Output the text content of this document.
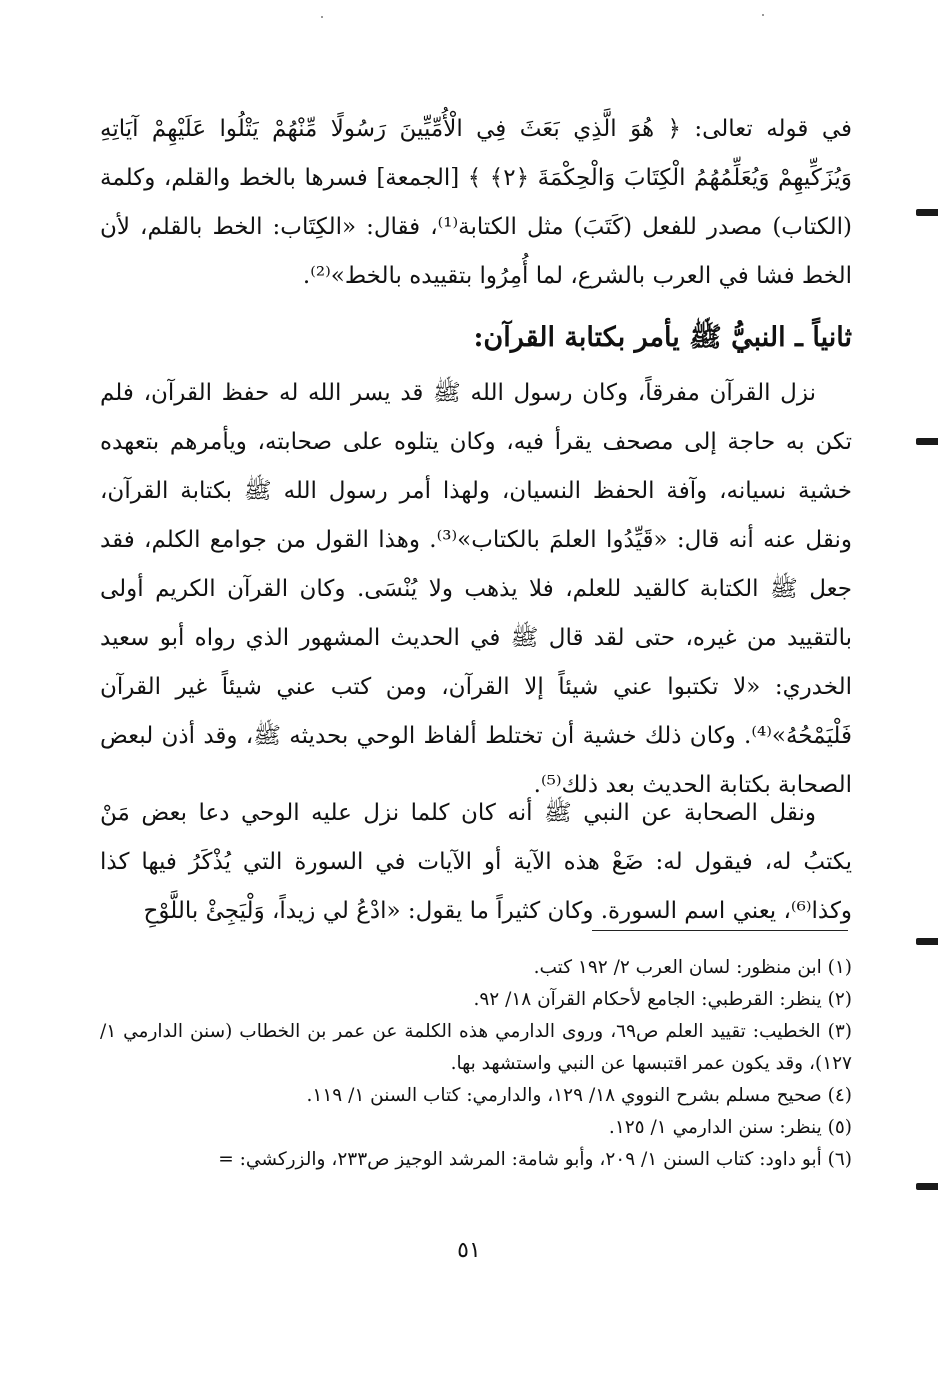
في قوله تعالى: ﴿ هُوَ الَّذِي بَعَثَ فِي الْأُمِّيِّينَ رَسُولًا مِّنْهُمْ يَتْلُوا عَلَيْهِمْ آيَاتِهِ وَيُزَكِّيهِمْ وَيُعَلِّمُهُمُ الْكِتَابَ وَالْحِكْمَةَ ﴿٢﴾ ﴾ [الجمعة] فسرها بالخط والقلم، وكلمة (الكتاب) مصدر للفعل (كَتَبَ) مثل الكتابة⁽¹⁾، فقال: «الكِتَاب: الخط بالقلم، لأن الخط فشا في العرب بالشرع، لما أُمِرُوا بتقييده بالخط»⁽²⁾.

ثانياً ـ النبيُّ ﷺ يأمر بكتابة القرآن:

نزل القرآن مفرقاً، وكان رسول الله ﷺ قد يسر الله له حفظ القرآن، فلم تكن به حاجة إلى مصحف يقرأ فيه، وكان يتلوه على صحابته، ويأمرهم بتعهده خشية نسيانه، وآفة الحفظ النسيان، ولهذا أمر رسول الله ﷺ بكتابة القرآن، ونقل عنه أنه قال: «قَيِّدُوا العلمَ بالكتاب»⁽³⁾. وهذا القول من جوامع الكلم، فقد جعل ﷺ الكتابة كالقيد للعلم، فلا يذهب ولا يُنْسَى. وكان القرآن الكريم أولى بالتقييد من غيره، حتى لقد قال ﷺ في الحديث المشهور الذي رواه أبو سعيد الخدري: «لا تكتبوا عني شيئاً إلا القرآن، ومن كتب عني شيئاً غير القرآن فَلْيَمْحُهُ»⁽⁴⁾. وكان ذلك خشية أن تختلط ألفاظ الوحي بحديثه ﷺ، وقد أذن لبعض الصحابة بكتابة الحديث بعد ذلك⁽⁵⁾.

ونقل الصحابة عن النبي ﷺ أنه كان كلما نزل عليه الوحي دعا بعض مَنْ يكتبُ له، فيقول له: ضَعْ هذه الآية أو الآيات في السورة التي يُذْكَرُ فيها كذا وكذا⁽⁶⁾، يعني اسم السورة. وكان كثيراً ما يقول: «ادْعُ لي زيداً، وَلْيَجِئْ باللَّوْحِ

(١) ابن منظور: لسان العرب ٢/ ١٩٢ كتب.

(٢) ينظر: القرطبي: الجامع لأحكام القرآن ١٨/ ٩٢.

(٣) الخطيب: تقييد العلم ص٦٩، وروى الدارمي هذه الكلمة عن عمر بن الخطاب (سنن الدارمي ١/ ١٢٧)، وقد يكون عمر اقتبسها عن النبي واستشهد بها.

(٤) صحيح مسلم بشرح النووي ١٨/ ١٢٩، والدارمي: كتاب السنن ١/ ١١٩.

(٥) ينظر: سنن الدارمي ١/ ١٢٥.

(٦) أبو داود: كتاب السنن ١/ ٢٠٩، وأبو شامة: المرشد الوجيز ص٢٣٣، والزركشي: =

٥١
